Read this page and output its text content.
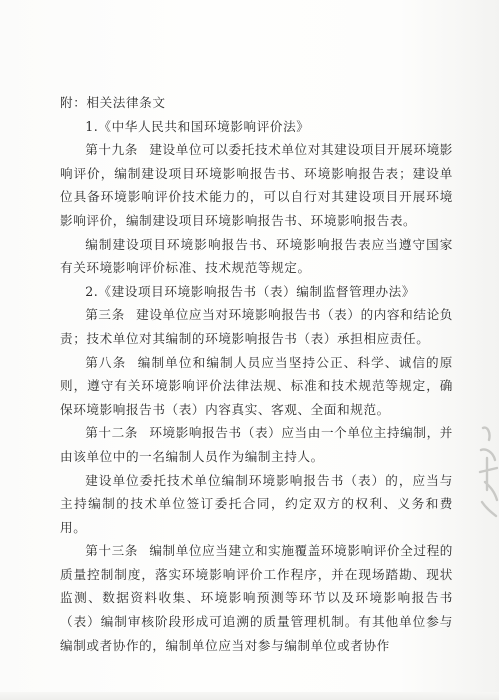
附：相关法律条文

1.《中华人民共和国环境影响评价法》

第十九条 建设单位可以委托技术单位对其建设项目开展环境影响评价，编制建设项目环境影响报告书、环境影响报告表；建设单位具备环境影响评价技术能力的，可以自行对其建设项目开展环境影响评价，编制建设项目环境影响报告书、环境影响报告表。

编制建设项目环境影响报告书、环境影响报告表应当遵守国家有关环境影响评价标准、技术规范等规定。

2.《建设项目环境影响报告书（表）编制监督管理办法》

第三条 建设单位应当对环境影响报告书（表）的内容和结论负责；技术单位对其编制的环境影响报告书（表）承担相应责任。

第八条 编制单位和编制人员应当坚持公正、科学、诚信的原则，遵守有关环境影响评价法律法规、标准和技术规范等规定，确保环境影响报告书（表）内容真实、客观、全面和规范。

第十二条 环境影响报告书（表）应当由一个单位主持编制，并由该单位中的一名编制人员作为编制主持人。

建设单位委托技术单位编制环境影响报告书（表）的，应当与主持编制的技术单位签订委托合同，约定双方的权利、义务和费用。

第十三条 编制单位应当建立和实施覆盖环境影响评价全过程的质量控制制度，落实环境影响评价工作程序，并在现场踏勘、现状监测、数据资料收集、环境影响预测等环节以及环境影响报告书（表）编制审核阶段形成可追溯的质量管理机制。有其他单位参与编制或者协作的，编制单位应当对参与编制单位或者协作
